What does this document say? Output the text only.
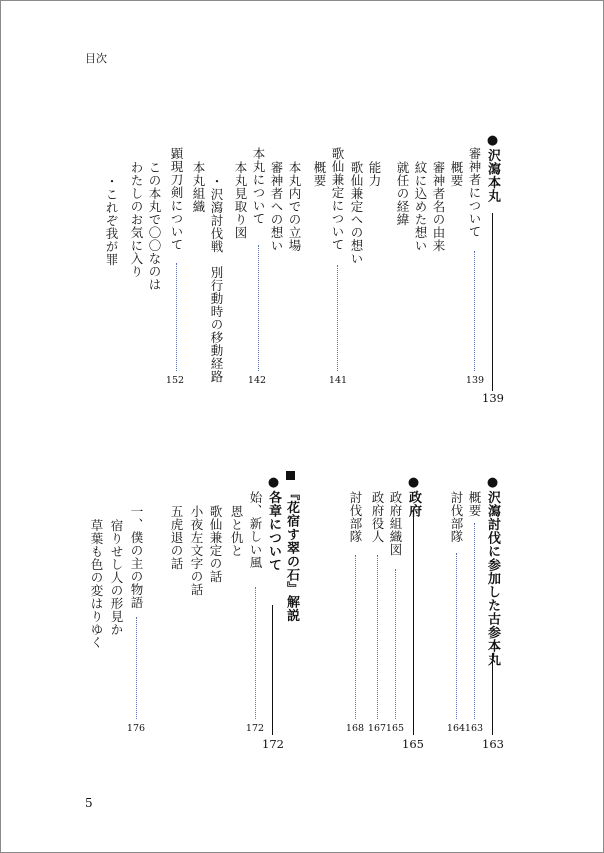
目次
●沢瀉本丸
139
審神者について
139
概要
審神者名の由来
紋に込めた想い
就任の経緯
能力
歌仙兼定への想い
歌仙兼定について
141
概要
本丸内での立場
審神者への想い
本丸について
142
本丸見取り図
・沢瀉討伐戦　別行動時の移動経路
本丸組織
顕現刀剣について
152
この本丸で〇〇なのは
わたしのお気に入り
・これぞ我が罪
●沢瀉討伐に参加した古参本丸
163
概要
163
討伐部隊
164
●政府
165
政府組織図
165
政府役人
167
討伐部隊
168
『花宿す翠の石』解説
172
●各章について
始、新しい風
172
恩と仇と
歌仙兼定の話
小夜左文字の話
五虎退の話
一、僕の主の物語
176
宿りせし人の形見か
草葉も色の変はりゆく
5
